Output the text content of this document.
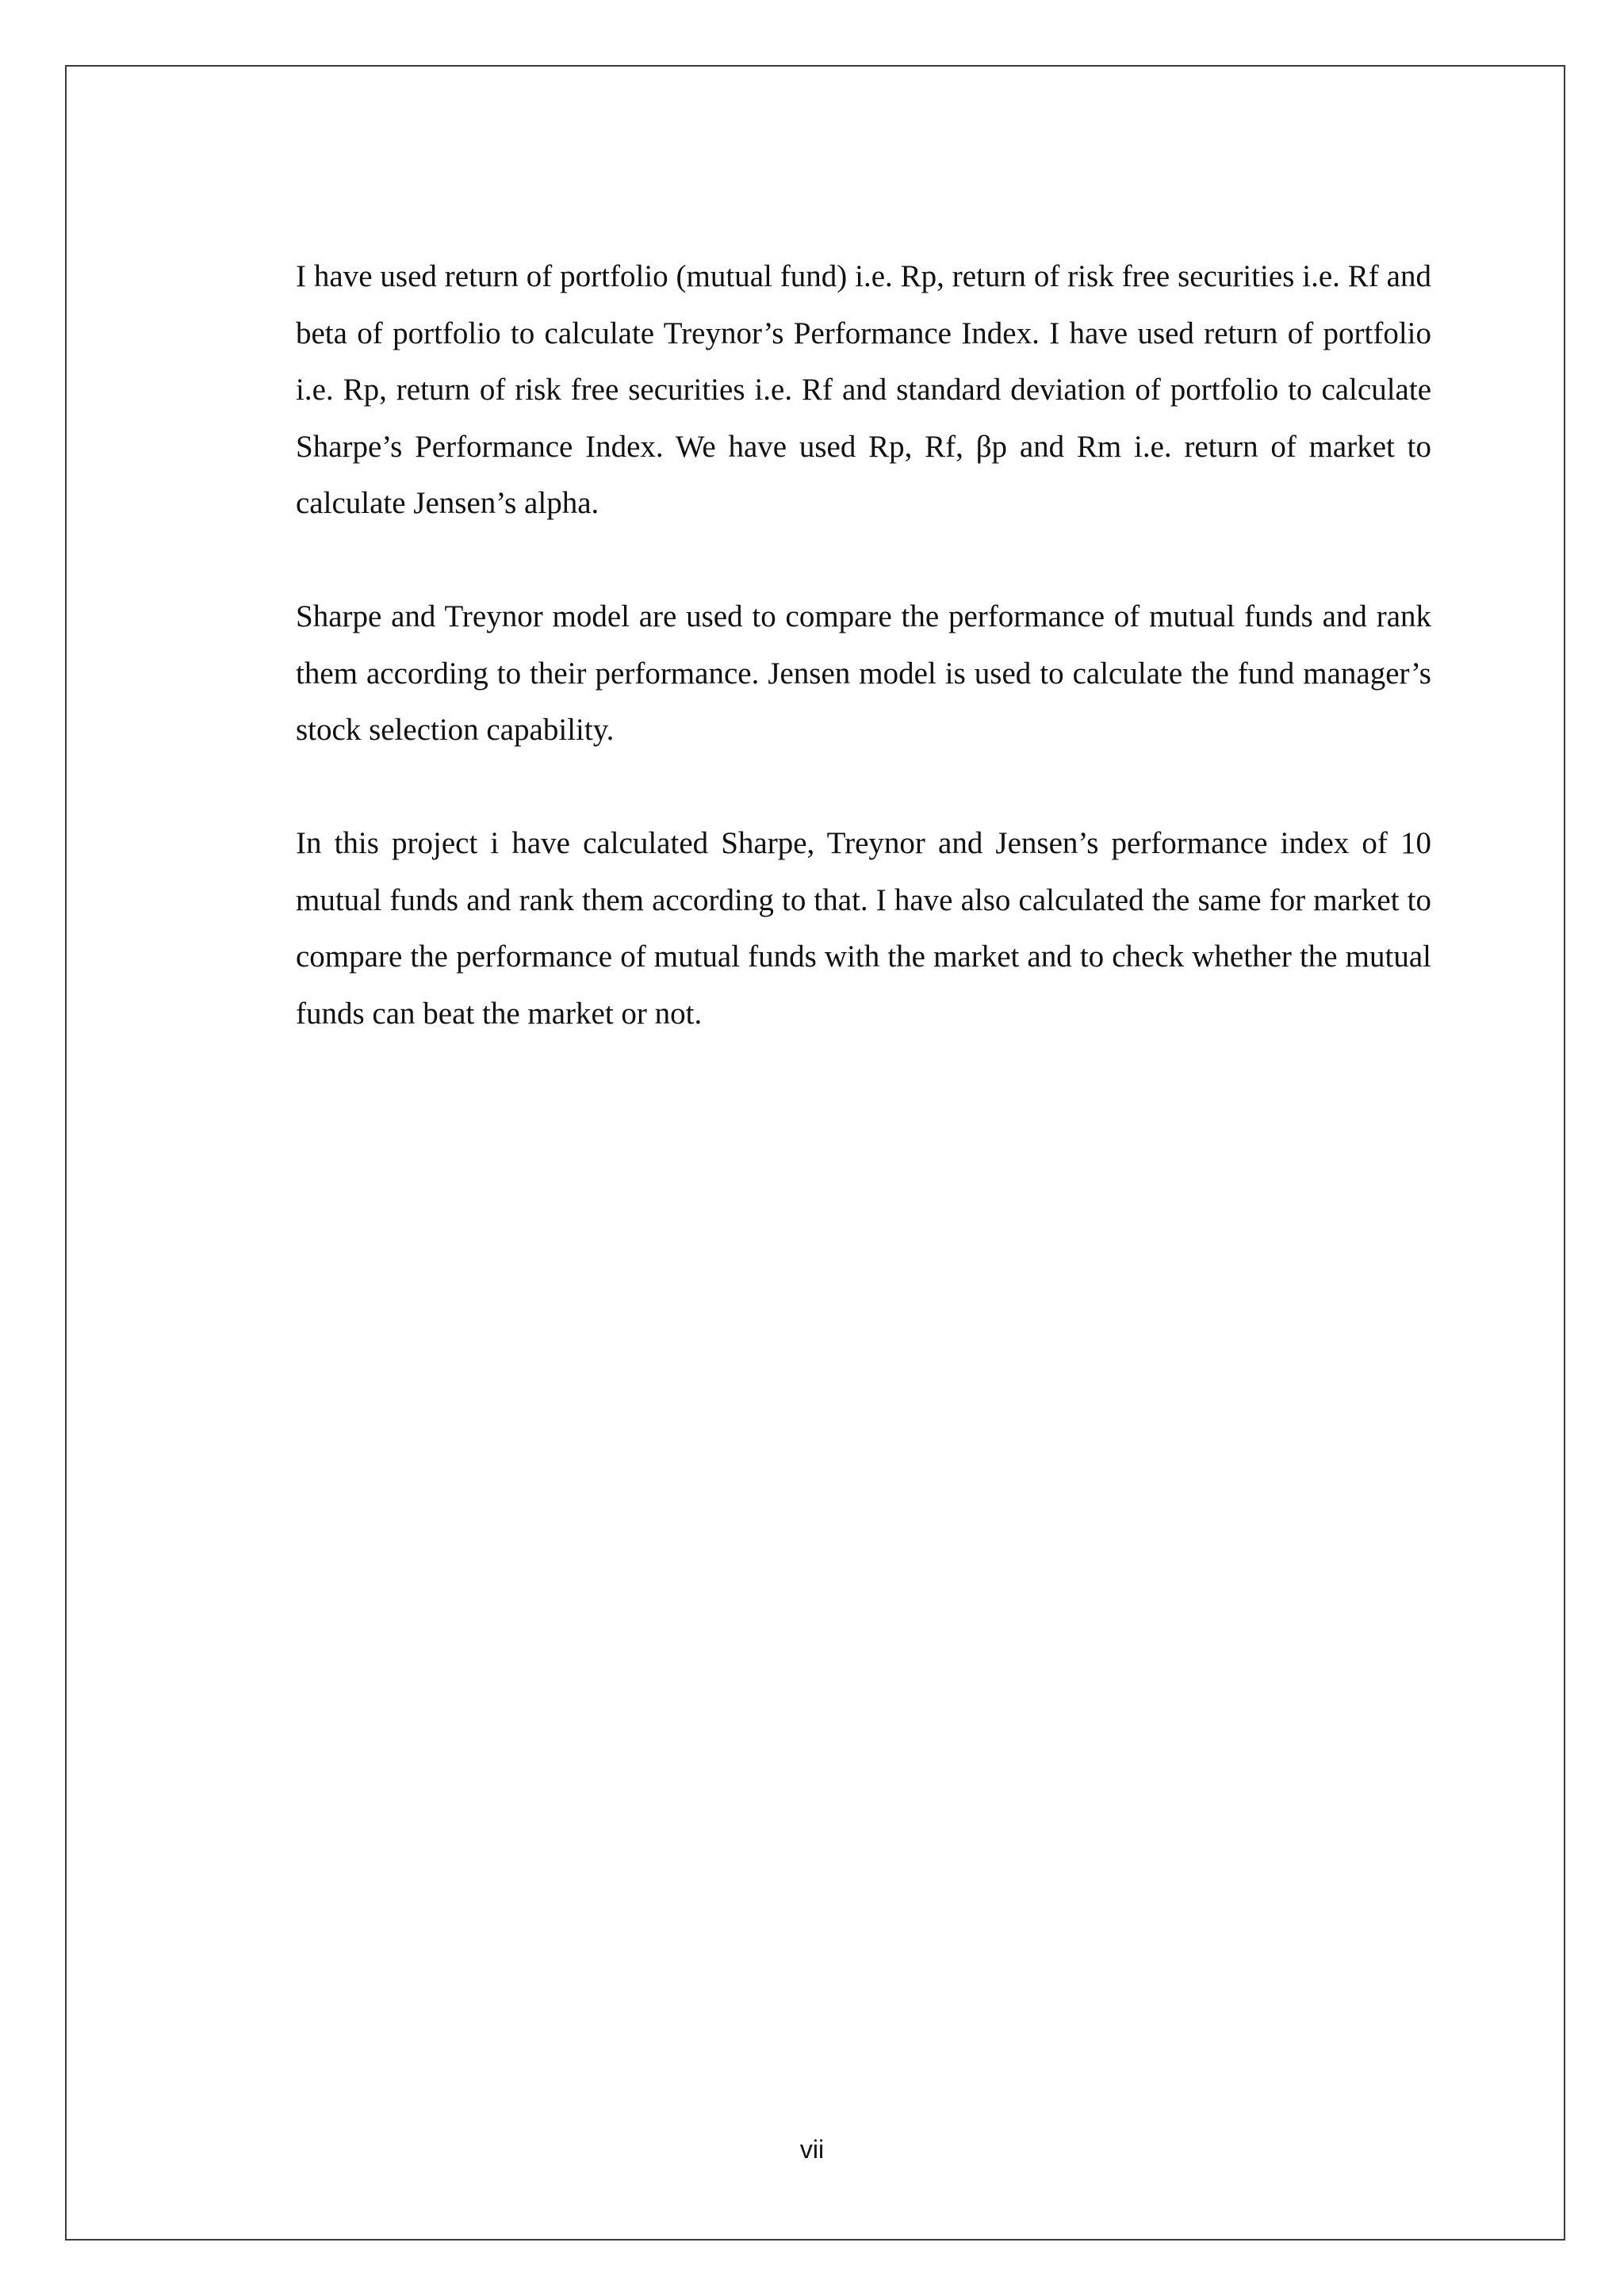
I have used return of portfolio (mutual fund) i.e. Rp, return of risk free securities i.e. Rf and beta of portfolio to calculate Treynor’s Performance Index. I have used return of portfolio i.e. Rp, return of risk free securities i.e. Rf and standard deviation of portfolio to calculate Sharpe’s Performance Index. We have used Rp, Rf, βp and Rm i.e. return of market to calculate Jensen’s alpha.

Sharpe and Treynor model are used to compare the performance of mutual funds and rank them according to their performance. Jensen model is used to calculate the fund manager’s stock selection capability.

In this project i have calculated Sharpe, Treynor and Jensen’s performance index of 10 mutual funds and rank them according to that. I have also calculated the same for market to compare the performance of mutual funds with the market and to check whether the mutual funds can beat the market or not.

vii
